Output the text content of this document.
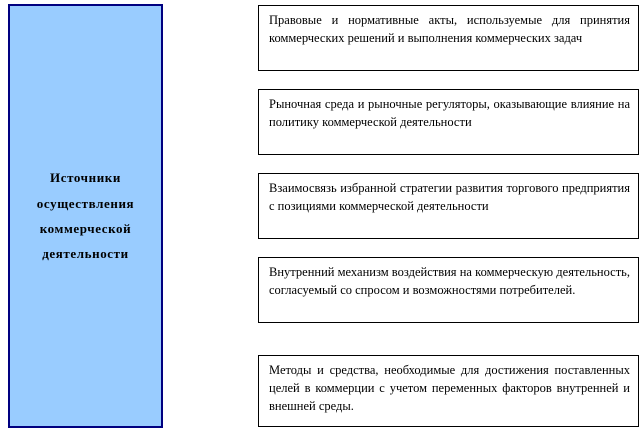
Источники
осуществления
коммерческой
деятельности

Правовые и нормативные акты, используемые для принятия коммерческих решений и выполнения коммерческих задач

Рыночная среда и рыночные регуляторы, оказывающие влияние на политику коммерческой деятельности

Взаимосвязь избранной стратегии развития торгового предприятия с позициями коммерческой деятельности

Внутренний механизм воздействия на коммерческую деятельность, согласуемый со спросом и возможностями потребителей.

Методы и средства, необходимые для достижения поставленных целей в коммерции с учетом переменных факторов внутренней и внешней среды.
